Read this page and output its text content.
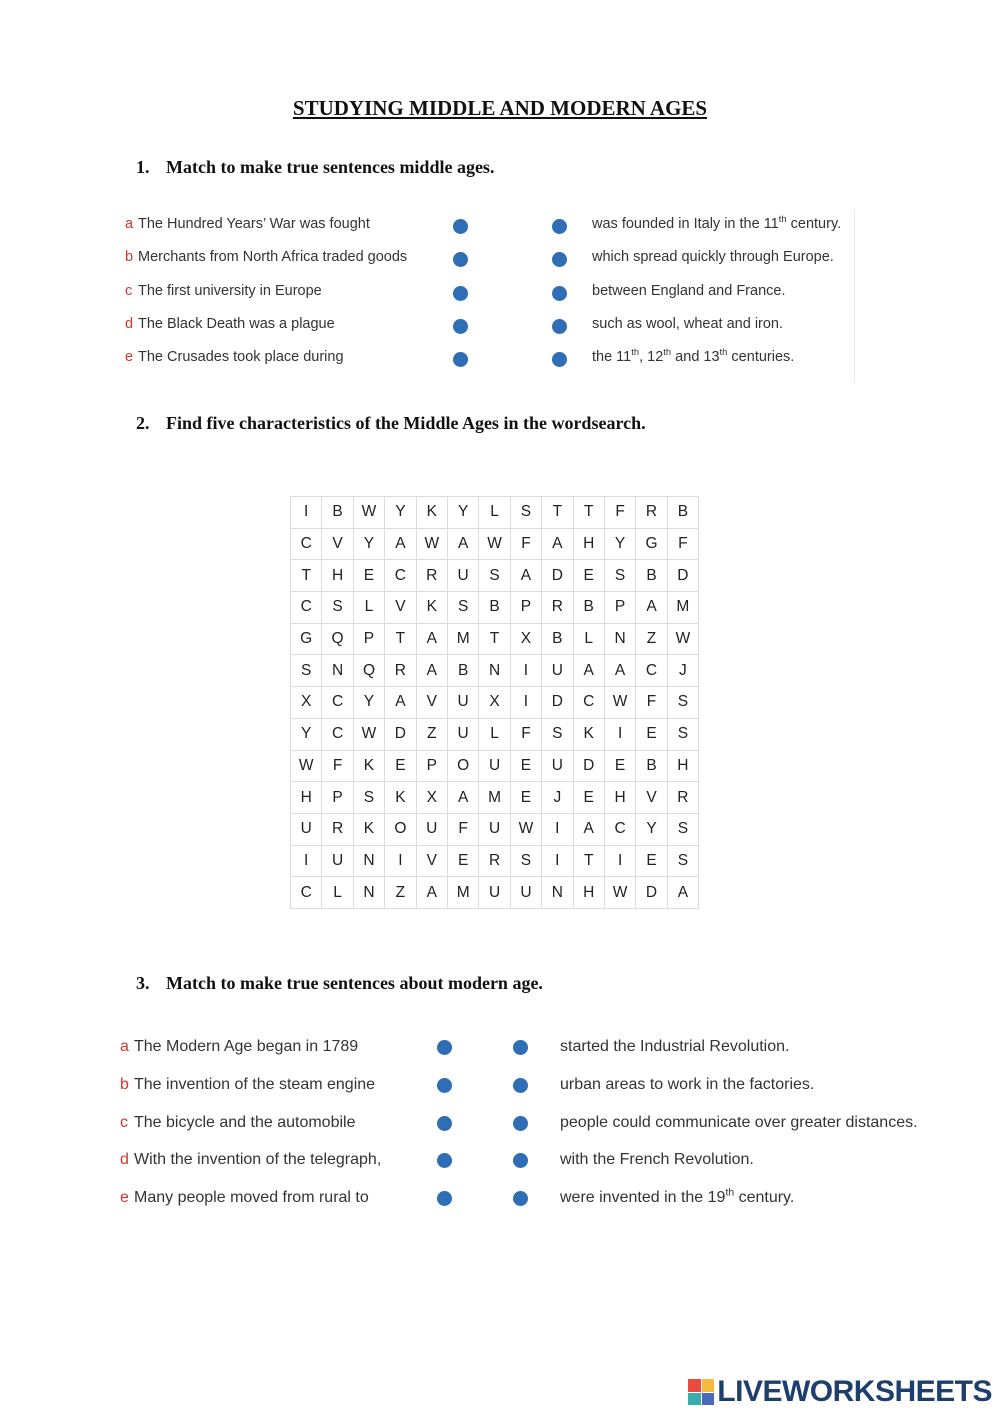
STUDYING MIDDLE AND MODERN AGES
1. Match to make true sentences middle ages.
a The Hundred Years’ War was fought	was founded in Italy in the 11th century.
b Merchants from North Africa traded goods	which spread quickly through Europe.
c The first university in Europe	between England and France.
d The Black Death was a plague	such as wool, wheat and iron.
e The Crusades took place during	the 11th, 12th and 13th centuries.
2. Find five characteristics of the Middle Ages in the wordsearch.
I	B	W	Y	K	Y	L	S	T	T	F	R	B
C	V	Y	A	W	A	W	F	A	H	Y	G	F
T	H	E	C	R	U	S	A	D	E	S	B	D
C	S	L	V	K	S	B	P	R	B	P	A	M
G	Q	P	T	A	M	T	X	B	L	N	Z	W
S	N	Q	R	A	B	N	I	U	A	A	C	J
X	C	Y	A	V	U	X	I	D	C	W	F	S
Y	C	W	D	Z	U	L	F	S	K	I	E	S
W	F	K	E	P	O	U	E	U	D	E	B	H
H	P	S	K	X	A	M	E	J	E	H	V	R
U	R	K	O	U	F	U	W	I	A	C	Y	S
I	U	N	I	V	E	R	S	I	T	I	E	S
C	L	N	Z	A	M	U	U	N	H	W	D	A
3. Match to make true sentences about modern age.
a The Modern Age began in 1789	started the Industrial Revolution.
b The invention of the steam engine	urban areas to work in the factories.
c The bicycle and the automobile	people could communicate over greater distances.
d With the invention of the telegraph,	with the French Revolution.
e Many people moved from rural to	were invented in the 19th century.
LIVEWORKSHEETS
